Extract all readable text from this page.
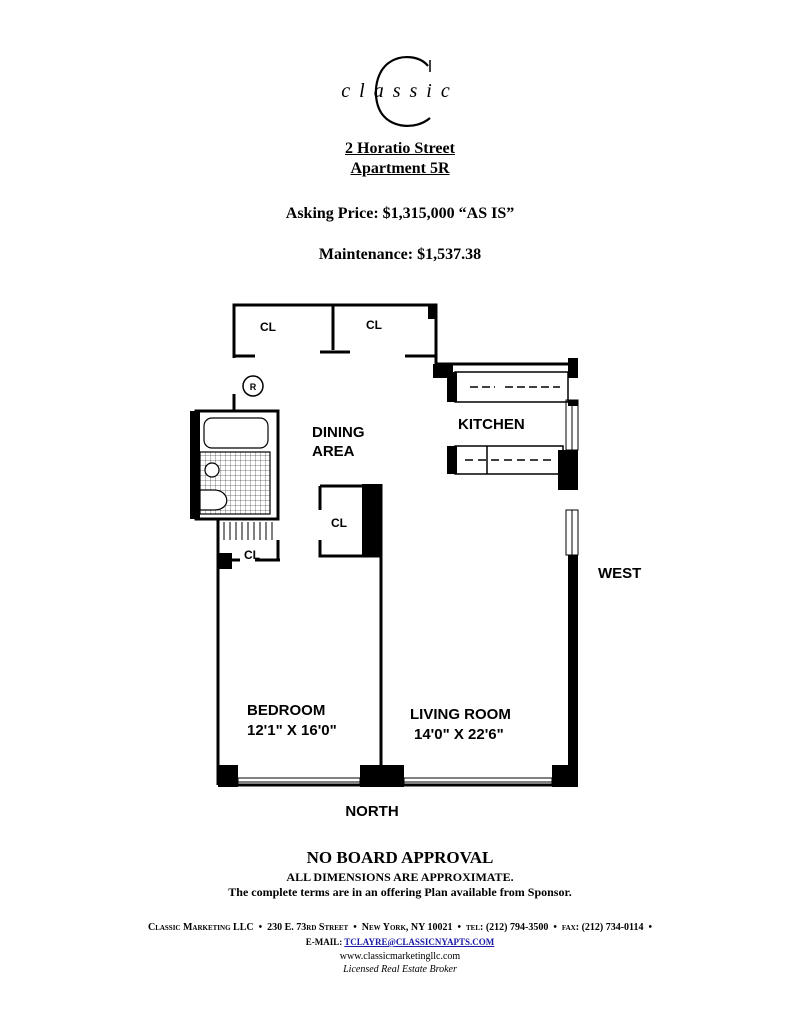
classic
2 Horatio Street
Apartment 5R
Asking Price: $1,315,000 “AS IS”
Maintenance: $1,537.38
R
CL	CL
CL
CL
DINING
AREA
KITCHEN
BEDROOM
12'1" X 16'0"
LIVING ROOM
14'0" X 22'6"
WEST
NORTH
NO BOARD APPROVAL
ALL DIMENSIONS ARE APPROXIMATE.
The complete terms are in an offering Plan available from Sponsor.
Classic Marketing LLC  •  230 E. 73rd Street  •  New York, NY 10021  •  tel: (212) 794-3500  •  fax: (212) 734-0114  •
E-MAIL: TCLAYRE@CLASSICNYAPTS.COM
www.classicmarketingllc.com
Licensed Real Estate Broker
